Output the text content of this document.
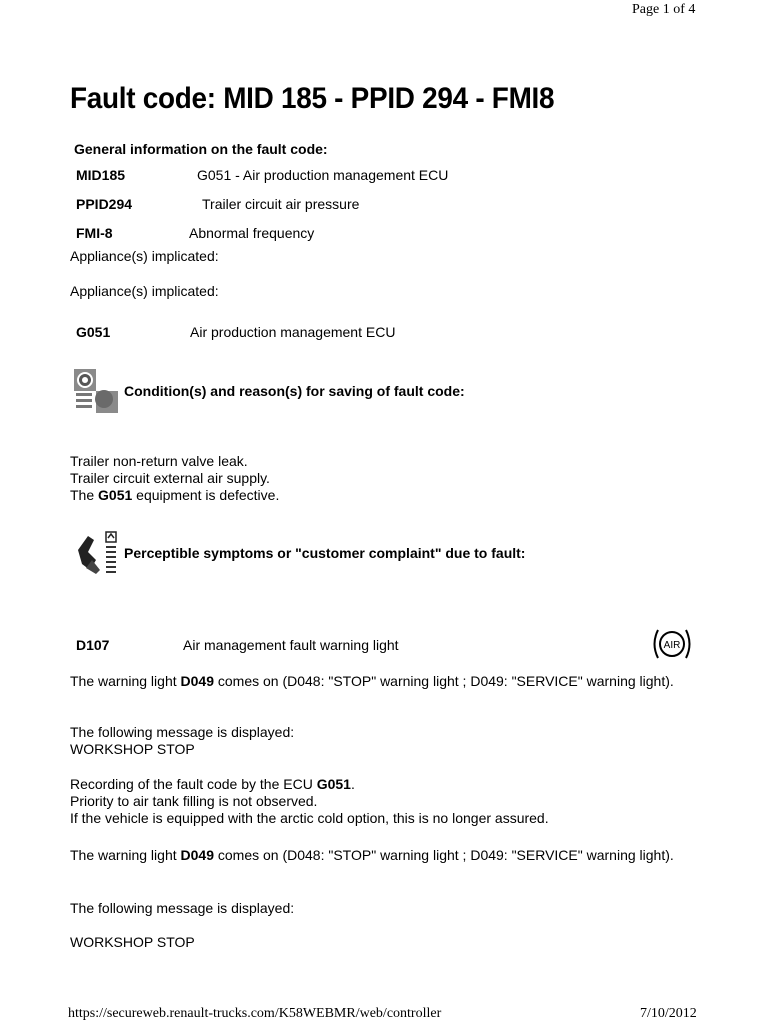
Page 1 of 4
Fault code: MID 185 - PPID 294 - FMI8
General information on the fault code:
MID185	G051 - Air production management ECU
PPID294	Trailer circuit air pressure
FMI-8	Abnormal frequency
Appliance(s) implicated:
Appliance(s) implicated:
G051	Air production management ECU
Condition(s) and reason(s) for saving of fault code:
Trailer non-return valve leak.
Trailer circuit external air supply.
The G051 equipment is defective.
Perceptible symptoms or "customer complaint" due to fault:
D107	Air management fault warning light	AIR
The warning light D049 comes on (D048: "STOP" warning light ; D049: "SERVICE" warning light).
The following message is displayed:
WORKSHOP STOP
Recording of the fault code by the ECU G051.
Priority to air tank filling is not observed.
If the vehicle is equipped with the arctic cold option, this is no longer assured.
The warning light D049 comes on (D048: "STOP" warning light ; D049: "SERVICE" warning light).
The following message is displayed:
WORKSHOP STOP
https://secureweb.renault-trucks.com/K58WEBMR/web/controller	7/10/2012
